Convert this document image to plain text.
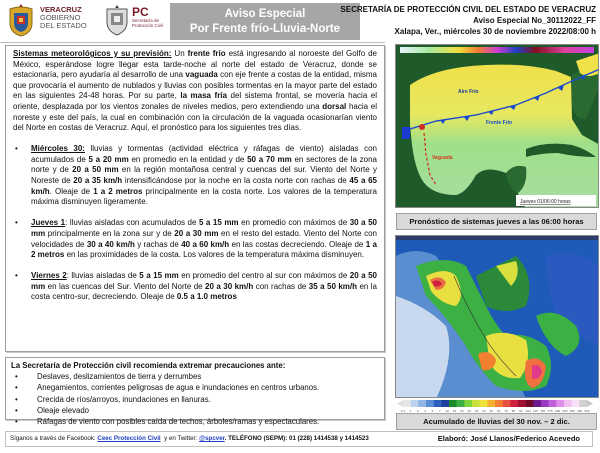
VERACRUZ
GOBIERNO
DEL ESTADO
PC
Secretaría de
Protección Civil
Aviso Especial
Por Frente frío-Lluvia-Norte
SECRETARÍA DE PROTECCIÓN CIVIL DEL ESTADO DE VERACRUZ
Aviso Especial No_30112022_FF
Xalapa, Ver., miércoles 30 de noviembre 2022/08:00 h

Sistemas meteorológicos y su previsión: Un frente frío está ingresando al noroeste del Golfo de México, esperándose logre llegar esta tarde-noche al norte del estado de Veracruz, donde se estacionaría, pero ayudaría al desarrollo de una vaguada con eje frente a costas de la entidad, misma que provocaría el aumento de nublados y lluvias con posibles tormentas en la mayor parte del estado en las siguientes 24-48 horas. Por su parte, la masa fría del sistema frontal, se movería hacia el oriente, desplazada por los vientos zonales de niveles medios, pero extendiendo una dorsal hacia el noreste y este del país, la cual en combinación con la circulación de la vaguada ocasionarían viento del Norte en costas de Veracruz. Aquí, el pronóstico para los siguientes tres días.

• Miércoles 30: lluvias y tormentas (actividad eléctrica y ráfagas de viento) aisladas con acumulados de 5 a 20 mm en promedio en la entidad y de 50 a 70 mm en sectores de la zona norte y de 20 a 50 mm en la región montañosa central y cuencas del sur. Viento del Norte y Noreste de 20 a 35 km/h intensificándose por la noche en la costa norte con rachas de 45 a 65 km/h. Oleaje de 1 a 2 metros principalmente en la costa norte. Los valores de la temperatura máxima disminuyen ligeramente.
• Jueves 1: lluvias aisladas con acumulados de 5 a 15 mm en promedio con máximos de 30 a 50 mm principalmente en la zona sur y de 20 a 30 mm en el resto del estado. Viento del Norte con velocidades de 30 a 40 km/h y rachas de 40 a 60 km/h en las costas decreciendo. Oleaje de 1 a 2 metros en las proximidades de la costa. Los valores de la temperatura máxima disminuyen.
• Viernes 2: lluvias aisladas de 5 a 15 mm en promedio del centro al sur con máximos de 20 a 50 mm en las cuencas del Sur. Viento del Norte de 20 a 30 km/h con rachas de 35 a 50 km/h en la costa centro-sur, decreciendo. Oleaje de 0.5 a 1.0 metros
La Secretaría de Protección civil recomienda extremar precauciones ante:
• Deslaves, deslizamientos de tierra y derrumbes
• Anegamientos, corrientes peligrosas de agua e inundaciones en centros urbanos.
• Crecida de ríos/arroyos, inundaciones en llanuras.
• Oleaje elevado
• Ráfagas de viento con posibles caída de techos, árboles/ramas y espectaculares.
Síganos a través de Facebook: Ceec Protección Civil  y en Twitter: @spcver. TELÉFONO (SEPM): 01 (228) 1414538 y 1414523	Elaboró: José Llanos/Federico Acevedo
Aire Frío
Frente Frío
Vaguada
Jueves 01/06:00 horas
Pronóstico de sistemas jueves a las 06:00 horas
0.1 1 2 3 5 7 10 15 20 25 30 40 50 60 70 80 90 100 125 150 175 200 250 300 400 500
Acumulado de lluvias del 30 nov. – 2 dic.
